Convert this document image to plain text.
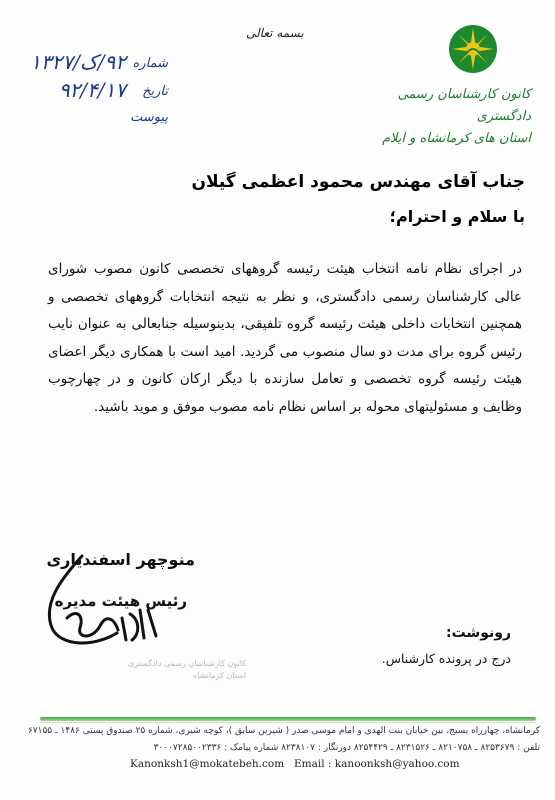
بسمه تعالی
شماره
۹۲/ک/۱۳۲۷
تاریخ
۹۲/۴/۱۷
پیوست
کانون کارشناسان رسمی دادگستری
استان های کرمانشاه و ایلام
جناب آقای مهندس محمود اعظمی گیلان
با سلام و احترام؛
در اجرای نظام نامه انتخاب هیئت رئیسه گروههای تخصصی کانون مصوب شورای عالی کارشناسان رسمی دادگستری، و نظر به نتیجه انتخابات گروههای تخصصی و همچنین انتخابات داخلی هیئت رئیسه گروه تلفیقی، بدینوسیله جنابعالی به عنوان نایب رئیس گروه برای مدت دو سال منصوب می گردید. امید است با همکاری دیگر اعضای هیئت رئیسه گروه تخصصی و تعامل سازنده با دیگر ارکان کانون و در چهارچوب وظایف و مسئولیتهای محوله بر اساس نظام نامه مصوب موفق و موید باشید.
منوچهر اسفندیاری
رئیس هیئت مدیره
کانون کارشناسان رسمی دادگستری
استان کرمانشاه
رونوشت:
درج در پرونده کارشناس.
کرمانشاه، چهارراه بسیج، بین خیابان بنت الهدی و امام موسی صدر ( شیرین سابق )، کوچه شیری، شماره ۲۵ صندوق پستی ۱۴۸۶ ـ ۶۷۱۵۵
تلفن : ۸۲۵۳۶۷۹ ـ ۸۲۱۰۷۵۸ ـ ۸۲۳۱۵۲۶ ـ ۸۲۵۴۴۲۹ دورنگار : ۸۲۳۸۱۰۷ شماره پیامک : ۳۰۰۰۷۲۸۵۰۰۲۳۳۶
Kanonksh1@mokatebeh.com Email : kanoonksh@yahoo.com
